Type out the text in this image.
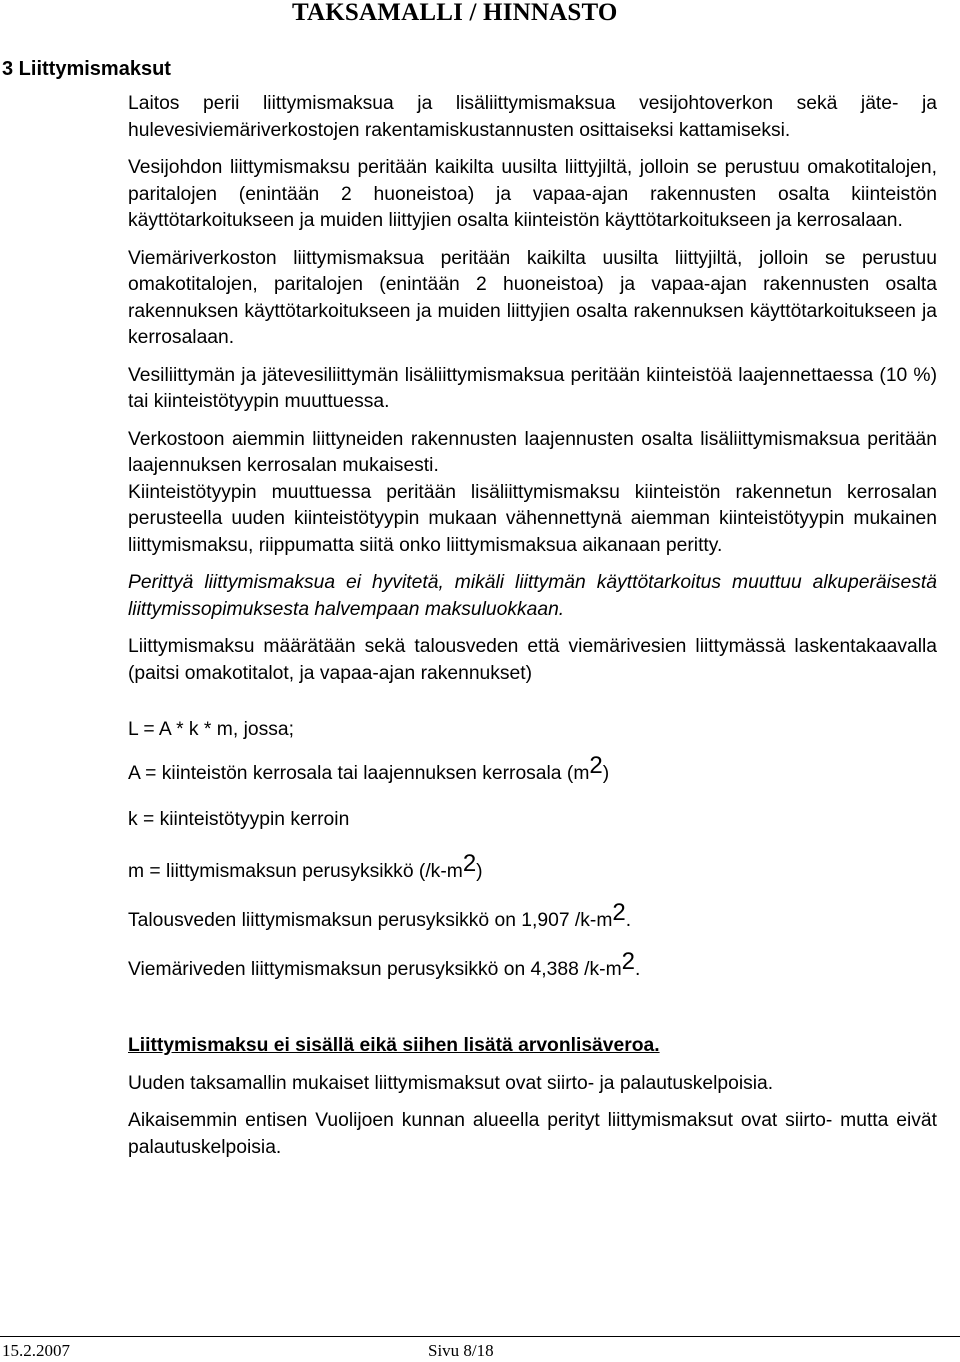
TAKSAMALLI / HINNASTO
3 Liittymismaksut

Laitos perii liittymismaksua ja lisäliittymismaksua vesijohtoverkon sekä jäte- ja hulevesiviemäriverkostojen rakentamiskustannusten osittaiseksi kattamiseksi.

Vesijohdon liittymismaksu peritään kaikilta uusilta liittyjiltä, jolloin se perustuu omakotitalojen, paritalojen (enintään 2 huoneistoa) ja vapaa-ajan rakennusten osalta kiinteistön käyttötarkoitukseen ja muiden liittyjien osalta kiinteistön käyttötarkoitukseen ja kerrosalaan.

Viemäriverkoston liittymismaksua peritään kaikilta uusilta liittyjiltä, jolloin se perustuu omakotitalojen, paritalojen (enintään 2 huoneistoa) ja vapaa-ajan rakennusten osalta rakennuksen käyttötarkoitukseen ja muiden liittyjien osalta rakennuksen käyttötarkoitukseen ja kerrosalaan.

Vesiliittymän ja jätevesiliittymän lisäliittymismaksua peritään kiinteistöä laajennettaessa (10 %) tai kiinteistötyypin muuttuessa.

Verkostoon aiemmin liittyneiden rakennusten laajennusten osalta lisäliittymismaksua peritään laajennuksen kerrosalan mukaisesti.

Kiinteistötyypin muuttuessa peritään lisäliittymismaksu kiinteistön rakennetun kerrosalan perusteella uuden kiinteistötyypin mukaan vähennettynä aiemman kiinteistötyypin mukainen liittymismaksu, riippumatta siitä onko liittymismaksua aikanaan peritty.

Perittyä liittymismaksua ei hyvitetä, mikäli liittymän käyttötarkoitus muuttuu alkuperäisestä liittymissopimuksesta halvempaan maksuluokkaan.

Liittymismaksu määrätään sekä talousveden että viemärivesien liittymässä laskentakaavalla (paitsi omakotitalot, ja vapaa-ajan rakennukset)

L = A * k * m, jossa;

A = kiinteistön kerrosala tai laajennuksen kerrosala $(m^2)$

k = kiinteistötyypin kerroin

m = liittymismaksun perusyksikkö $(/k-m^2)$

Talousveden liittymismaksun perusyksikkö on 1,907 $/k-m^2$.

Viemäriveden liittymismaksun perusyksikkö on 4,388 $/k-m^2$.

Liittymismaksu ei sisällä eikä siihen lisätä arvonlisäveroa.

Uuden taksamallin mukaiset liittymismaksut ovat siirto- ja palautuskelpoisia.

Aikaisemmin entisen Vuolijoen kunnan alueella perityt liittymismaksut ovat siirto- mutta eivät palautuskelpoisia.

15.2.2007	Sivu 8/18
